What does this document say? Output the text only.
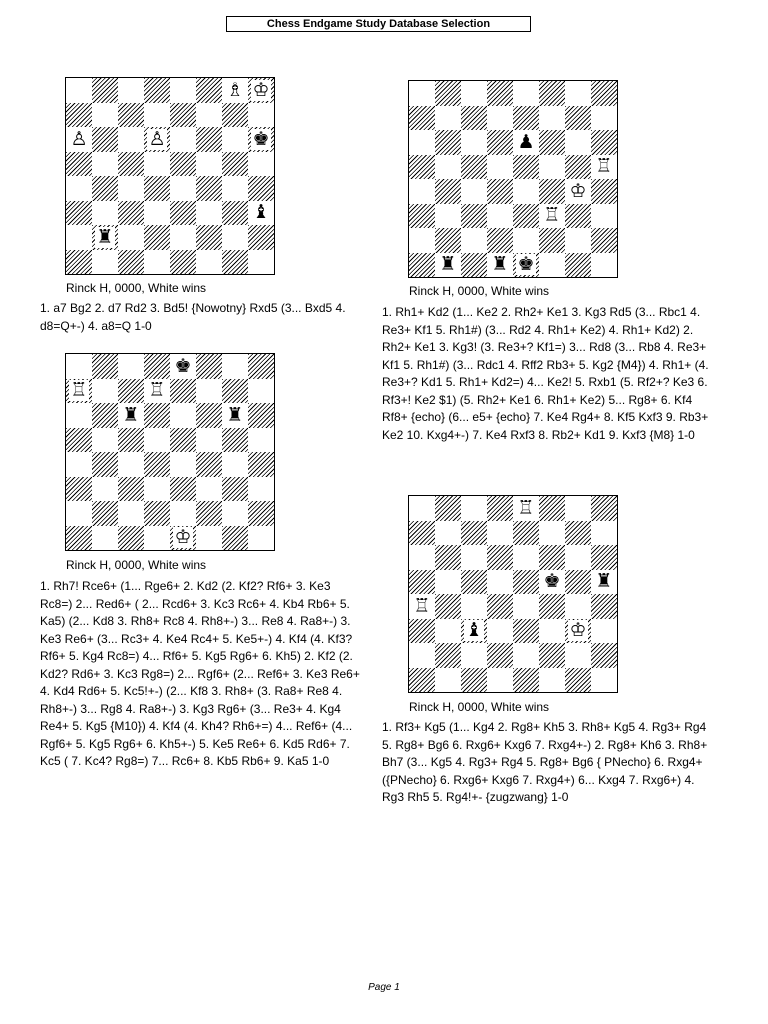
Chess Endgame Study Database Selection
♗ ♔
♙	♙	♚
♝
♜
Rinck H, 0000, White wins
1. a7 Bg2 2. d7 Rd2 3. Bd5! {Nowotny} Rxd5 (3... Bxd5 4. d8=Q+-) 4. a8=Q 1-0
♟
♖
♔
♖
♜ ♜ ♚
Rinck H, 0000, White wins
1. Rh1+ Kd2 (1... Ke2 2. Rh2+ Ke1 3. Kg3 Rd5 (3... Rbc1 4. Re3+ Kf1 5. Rh1#) (3... Rd2 4. Rh1+ Ke2) 4. Rh1+ Kd2) 2. Rh2+ Ke1 3. Kg3! (3. Re3+? Kf1=) 3... Rd8 (3... Rb8 4. Re3+ Kf1 5. Rh1#) (3... Rdc1 4. Rff2 Rb3+ 5. Kg2 {M4}) 4. Rh1+ (4. Re3+? Kd1 5. Rh1+ Kd2=) 4... Ke2! 5. Rxb1 (5. Rf2+? Ke3 6. Rf3+! Ke2 $1) (5. Rh2+ Ke1 6. Rh1+ Ke2) 5... Rg8+ 6. Kf4 Rf8+ {echo} (6... e5+ {echo} 7. Ke4 Rg4+ 8. Kf5 Kxf3 9. Rb3+ Ke2 10. Kxg4+-) 7. Ke4 Rxf3 8. Rb2+ Kd1 9. Kxf3 {M8} 1-0
♚
♖	♖
♜	♜
♔
Rinck H, 0000, White wins
1. Rh7! Rce6+ (1... Rge6+ 2. Kd2 (2. Kf2? Rf6+ 3. Ke3 Rc8=) 2... Red6+ ( 2... Rcd6+ 3. Kc3 Rc6+ 4. Kb4 Rb6+ 5. Ka5) (2... Kd8 3. Rh8+ Rc8 4. Rh8+-) 3... Re8 4. Ra8+-) 3. Ke3 Re6+ (3... Rc3+ 4. Ke4 Rc4+ 5. Ke5+-) 4. Kf4 (4. Kf3? Rf6+ 5. Kg4 Rc8=) 4... Rf6+ 5. Kg5 Rg6+ 6. Kh5) 2. Kf2 (2. Kd2? Rd6+ 3. Kc3 Rg8=) 2... Rgf6+ (2... Ref6+ 3. Ke3 Re6+ 4. Kd4 Rd6+ 5. Kc5!+-) (2... Kf8 3. Rh8+ (3. Ra8+ Re8 4. Rh8+-) 3... Rg8 4. Ra8+-) 3. Kg3 Rg6+ (3... Re3+ 4. Kg4 Re4+ 5. Kg5 {M10}) 4. Kf4 (4. Kh4? Rh6+=) 4... Ref6+ (4... Rgf6+ 5. Kg5 Rg6+ 6. Kh5+-) 5. Ke5 Re6+ 6. Kd5 Rd6+ 7. Kc5 ( 7. Kc4? Rg8=) 7... Rc6+ 8. Kb5 Rb6+ 9. Ka5 1-0
♖
♚ ♜
♖
♝	♔
Rinck H, 0000, White wins
1. Rf3+ Kg5 (1... Kg4 2. Rg8+ Kh5 3. Rh8+ Kg5 4. Rg3+ Rg4 5. Rg8+ Bg6 6. Rxg6+ Kxg6 7. Rxg4+-) 2. Rg8+ Kh6 3. Rh8+ Bh7 (3... Kg5 4. Rg3+ Rg4 5. Rg8+ Bg6 { PNecho} 6. Rxg4+ ({PNecho} 6. Rxg6+ Kxg6 7. Rxg4+) 6... Kxg4 7. Rxg6+) 4. Rg3 Rh5 5. Rg4!+- {zugzwang} 1-0
Page 1
